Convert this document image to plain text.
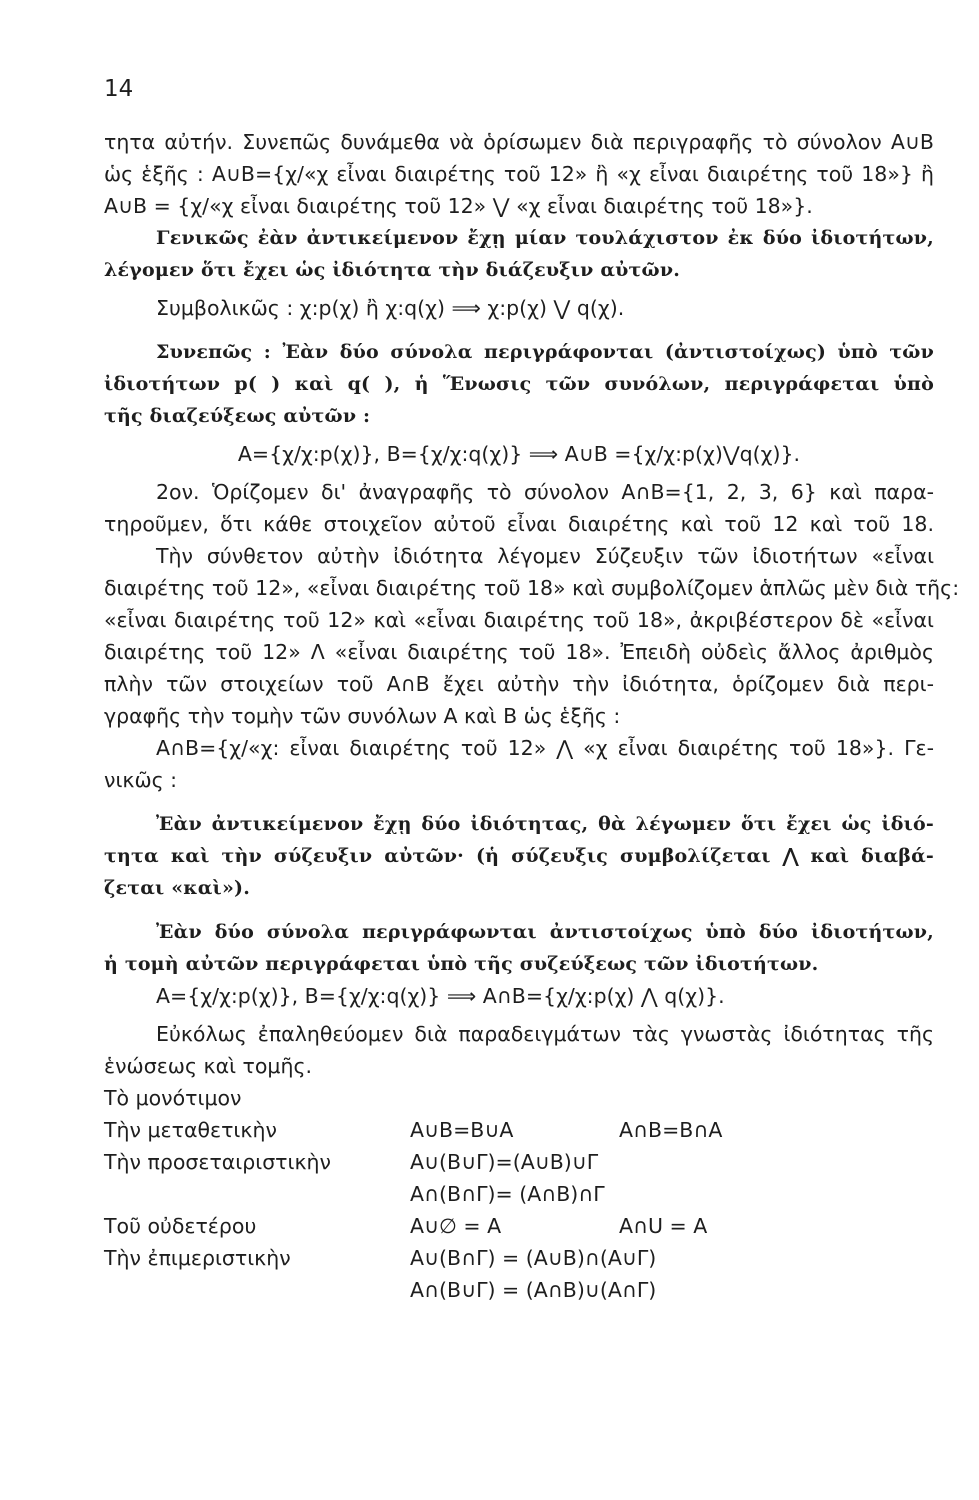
14
τητα αὐτήν. Συνεπῶς δυνάμεθα νὰ ὁρίσωμεν διὰ περιγραφῆς τὸ σύνολον A∪B
ὡς ἑξῆς : A∪B={χ/«χ εἶναι διαιρέτης τοῦ 12» ἢ «χ εἶναι διαιρέτης τοῦ 18»} ἢ
A∪B = {χ/«χ εἶναι διαιρέτης τοῦ 12» ⋁ «χ εἶναι διαιρέτης τοῦ 18»}.
Γενικῶς ἐὰν ἀντικείμενον ἔχῃ μίαν τουλάχιστον ἐκ δύο ἰδιοτήτων,
λέγομεν ὅτι ἔχει ὡς ἰδιότητα τὴν διάζευξιν αὐτῶν.
Συμβολικῶς : χ:p(χ) ἢ χ:q(χ) ⟹ χ:p(χ) ⋁ q(χ).
Συνεπῶς : Ἐὰν δύο σύνολα περιγράφονται (ἀντιστοίχως) ὑπὸ τῶν
ἰδιοτήτων p( ) καὶ q( ), ἡ Ἕνωσις τῶν συνόλων, περιγράφεται ὑπὸ
τῆς διαζεύξεως αὐτῶν :
A={χ/χ:p(χ)}, B={χ/χ:q(χ)} ⟹ A∪B ={χ/χ:p(χ)⋁q(χ)}.
2ον. Ὁρίζομεν δι' ἀναγραφῆς τὸ σύνολον A∩B={1, 2, 3, 6} καὶ παρα-
τηροῦμεν, ὅτι κάθε στοιχεῖον αὐτοῦ εἶναι διαιρέτης καὶ τοῦ 12 καὶ τοῦ 18.
Τὴν σύνθετον αὐτὴν ἰδιότητα λέγομεν Σύζευξιν τῶν ἰδιοτήτων «εἶναι
διαιρέτης τοῦ 12», «εἶναι διαιρέτης τοῦ 18» καὶ συμβολίζομεν ἁπλῶς μὲν διὰ τῆς:
«εἶναι διαιρέτης τοῦ 12» καὶ «εἶναι διαιρέτης τοῦ 18», ἀκριβέστερον δὲ «εἶναι
διαιρέτης τοῦ 12» Λ «εἶναι διαιρέτης τοῦ 18». Ἐπειδὴ οὐδεὶς ἄλλος ἀριθμὸς
πλὴν τῶν στοιχείων τοῦ A∩B ἔχει αὐτὴν τὴν ἰδιότητα, ὁρίζομεν διὰ περι-
γραφῆς τὴν τομὴν τῶν συνόλων A καὶ B ὡς ἑξῆς :
A∩B={χ/«χ: εἶναι διαιρέτης τοῦ 12» ⋀ «χ εἶναι διαιρέτης τοῦ 18»}. Γε-
νικῶς :
Ἐὰν ἀντικείμενον ἔχῃ δύο ἰδιότητας, θὰ λέγωμεν ὅτι ἔχει ὡς ἰδιό-
τητα καὶ τὴν σύζευξιν αὐτῶν· (ἡ σύζευξις συμβολίζεται ⋀ καὶ διαβά-
ζεται «καὶ»).
Ἐὰν δύο σύνολα περιγράφωνται ἀντιστοίχως ὑπὸ δύο ἰδιοτήτων,
ἡ τομὴ αὐτῶν περιγράφεται ὑπὸ τῆς συζεύξεως τῶν ἰδιοτήτων.
A={χ/χ:p(χ)}, B={χ/χ:q(χ)} ⟹ A∩B={χ/χ:p(χ) ⋀ q(χ)}.
Εὐκόλως ἐπαληθεύομεν διὰ παραδειγμάτων τὰς γνωστὰς ἰδιότητας τῆς
ἑνώσεως καὶ τομῆς.
Τὸ μονότιμον
Τὴν μεταθετικὴν	A∪B=B∪A	A∩B=B∩A
Τὴν προσεταιριστικὴν	A∪(B∪Γ)=(A∪B)∪Γ
A∩(B∩Γ)= (A∩B)∩Γ
Τοῦ οὐδετέρου	A∪∅ = A	A∩U = A
Τὴν ἐπιμεριστικὴν	A∪(B∩Γ) = (A∪B)∩(A∪Γ)
A∩(B∪Γ) = (A∩B)∪(A∩Γ)
